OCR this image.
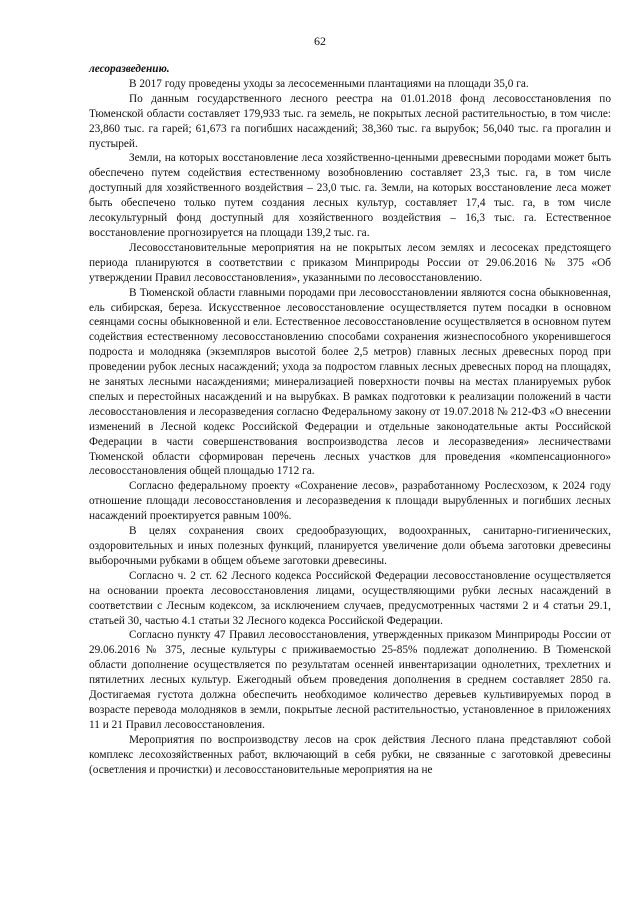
62

лесоразведению.

В 2017 году проведены уходы за лесосеменными плантациями на площади 35,0 га.

По данным государственного лесного реестра на 01.01.2018 фонд лесовосстановления по Тюменской области составляет 179,933 тыс. га земель, не покрытых лесной растительностью, в том числе: 23,860 тыс. га гарей; 61,673 га погибших насаждений; 38,360 тыс. га вырубок; 56,040 тыс. га прогалин и пустырей.

Земли, на которых восстановление леса хозяйственно-ценными древесными породами может быть обеспечено путем содействия естественному возобновлению составляет 23,3 тыс. га, в том числе доступный для хозяйственного воздействия – 23,0 тыс. га. Земли, на которых восстановление леса может быть обеспечено только путем создания лесных культур, составляет 17,4 тыс. га, в том числе лесокультурный фонд доступный для хозяйственного воздействия – 16,3 тыс. га. Естественное восстановление прогнозируется на площади 139,2 тыс. га.

Лесовосстановительные мероприятия на не покрытых лесом землях и лесосеках предстоящего периода планируются в соответствии с приказом Минприроды России от 29.06.2016 № 375 «Об утверждении Правил лесовосстановления», указанными по лесовосстановлению.

В Тюменской области главными породами при лесовосстановлении являются сосна обыкновенная, ель сибирская, береза. Искусственное лесовосстановление осуществляется путем посадки в основном сеянцами сосны обыкновенной и ели. Естественное лесовосстановление осуществляется в основном путем содействия естественному лесовосстановлению способами сохранения жизнеспособного укоренившегося подроста и молодняка (экземпляров высотой более 2,5 метров) главных лесных древесных пород при проведении рубок лесных насаждений; ухода за подростом главных лесных древесных пород на площадях, не занятых лесными насаждениями; минерализацией поверхности почвы на местах планируемых рубок спелых и перестойных насаждений и на вырубках. В рамках подготовки к реализации положений в части лесовосстановления и лесоразведения согласно Федеральному закону от 19.07.2018 № 212-ФЗ «О внесении изменений в Лесной кодекс Российской Федерации и отдельные законодательные акты Российской Федерации в части совершенствования воспроизводства лесов и лесоразведения» лесничествами Тюменской области сформирован перечень лесных участков для проведения «компенсационного» лесовосстановления общей площадью 1712 га.

Согласно федеральному проекту «Сохранение лесов», разработанному Рослесхозом, к 2024 году отношение площади лесовосстановления и лесоразведения к площади вырубленных и погибших лесных насаждений проектируется равным 100%.

В целях сохранения своих средообразующих, водоохранных, санитарно-гигиенических, оздоровительных и иных полезных функций, планируется увеличение доли объема заготовки древесины выборочными рубками в общем объеме заготовки древесины.

Согласно ч. 2 ст. 62 Лесного кодекса Российской Федерации лесовосстановление осуществляется на основании проекта лесовосстановления лицами, осуществляющими рубки лесных насаждений в соответствии с Лесным кодексом, за исключением случаев, предусмотренных частями 2 и 4 статьи 29.1, статьей 30, частью 4.1 статьи 32 Лесного кодекса Российской Федерации.

Согласно пункту 47 Правил лесовосстановления, утвержденных приказом Минприроды России от 29.06.2016 № 375, лесные культуры с приживаемостью 25-85% подлежат дополнению. В Тюменской области дополнение осуществляется по результатам осенней инвентаризации однолетних, трехлетних и пятилетних лесных культур. Ежегодный объем проведения дополнения в среднем составляет 2850 га. Достигаемая густота должна обеспечить необходимое количество деревьев культивируемых пород в возрасте перевода молодняков в земли, покрытые лесной растительностью, установленное в приложениях 11 и 21 Правил лесовосстановления.

Мероприятия по воспроизводству лесов на срок действия Лесного плана представляют собой комплекс лесохозяйственных работ, включающий в себя рубки, не связанные с заготовкой древесины (осветления и прочистки) и лесовосстановительные мероприятия на не
